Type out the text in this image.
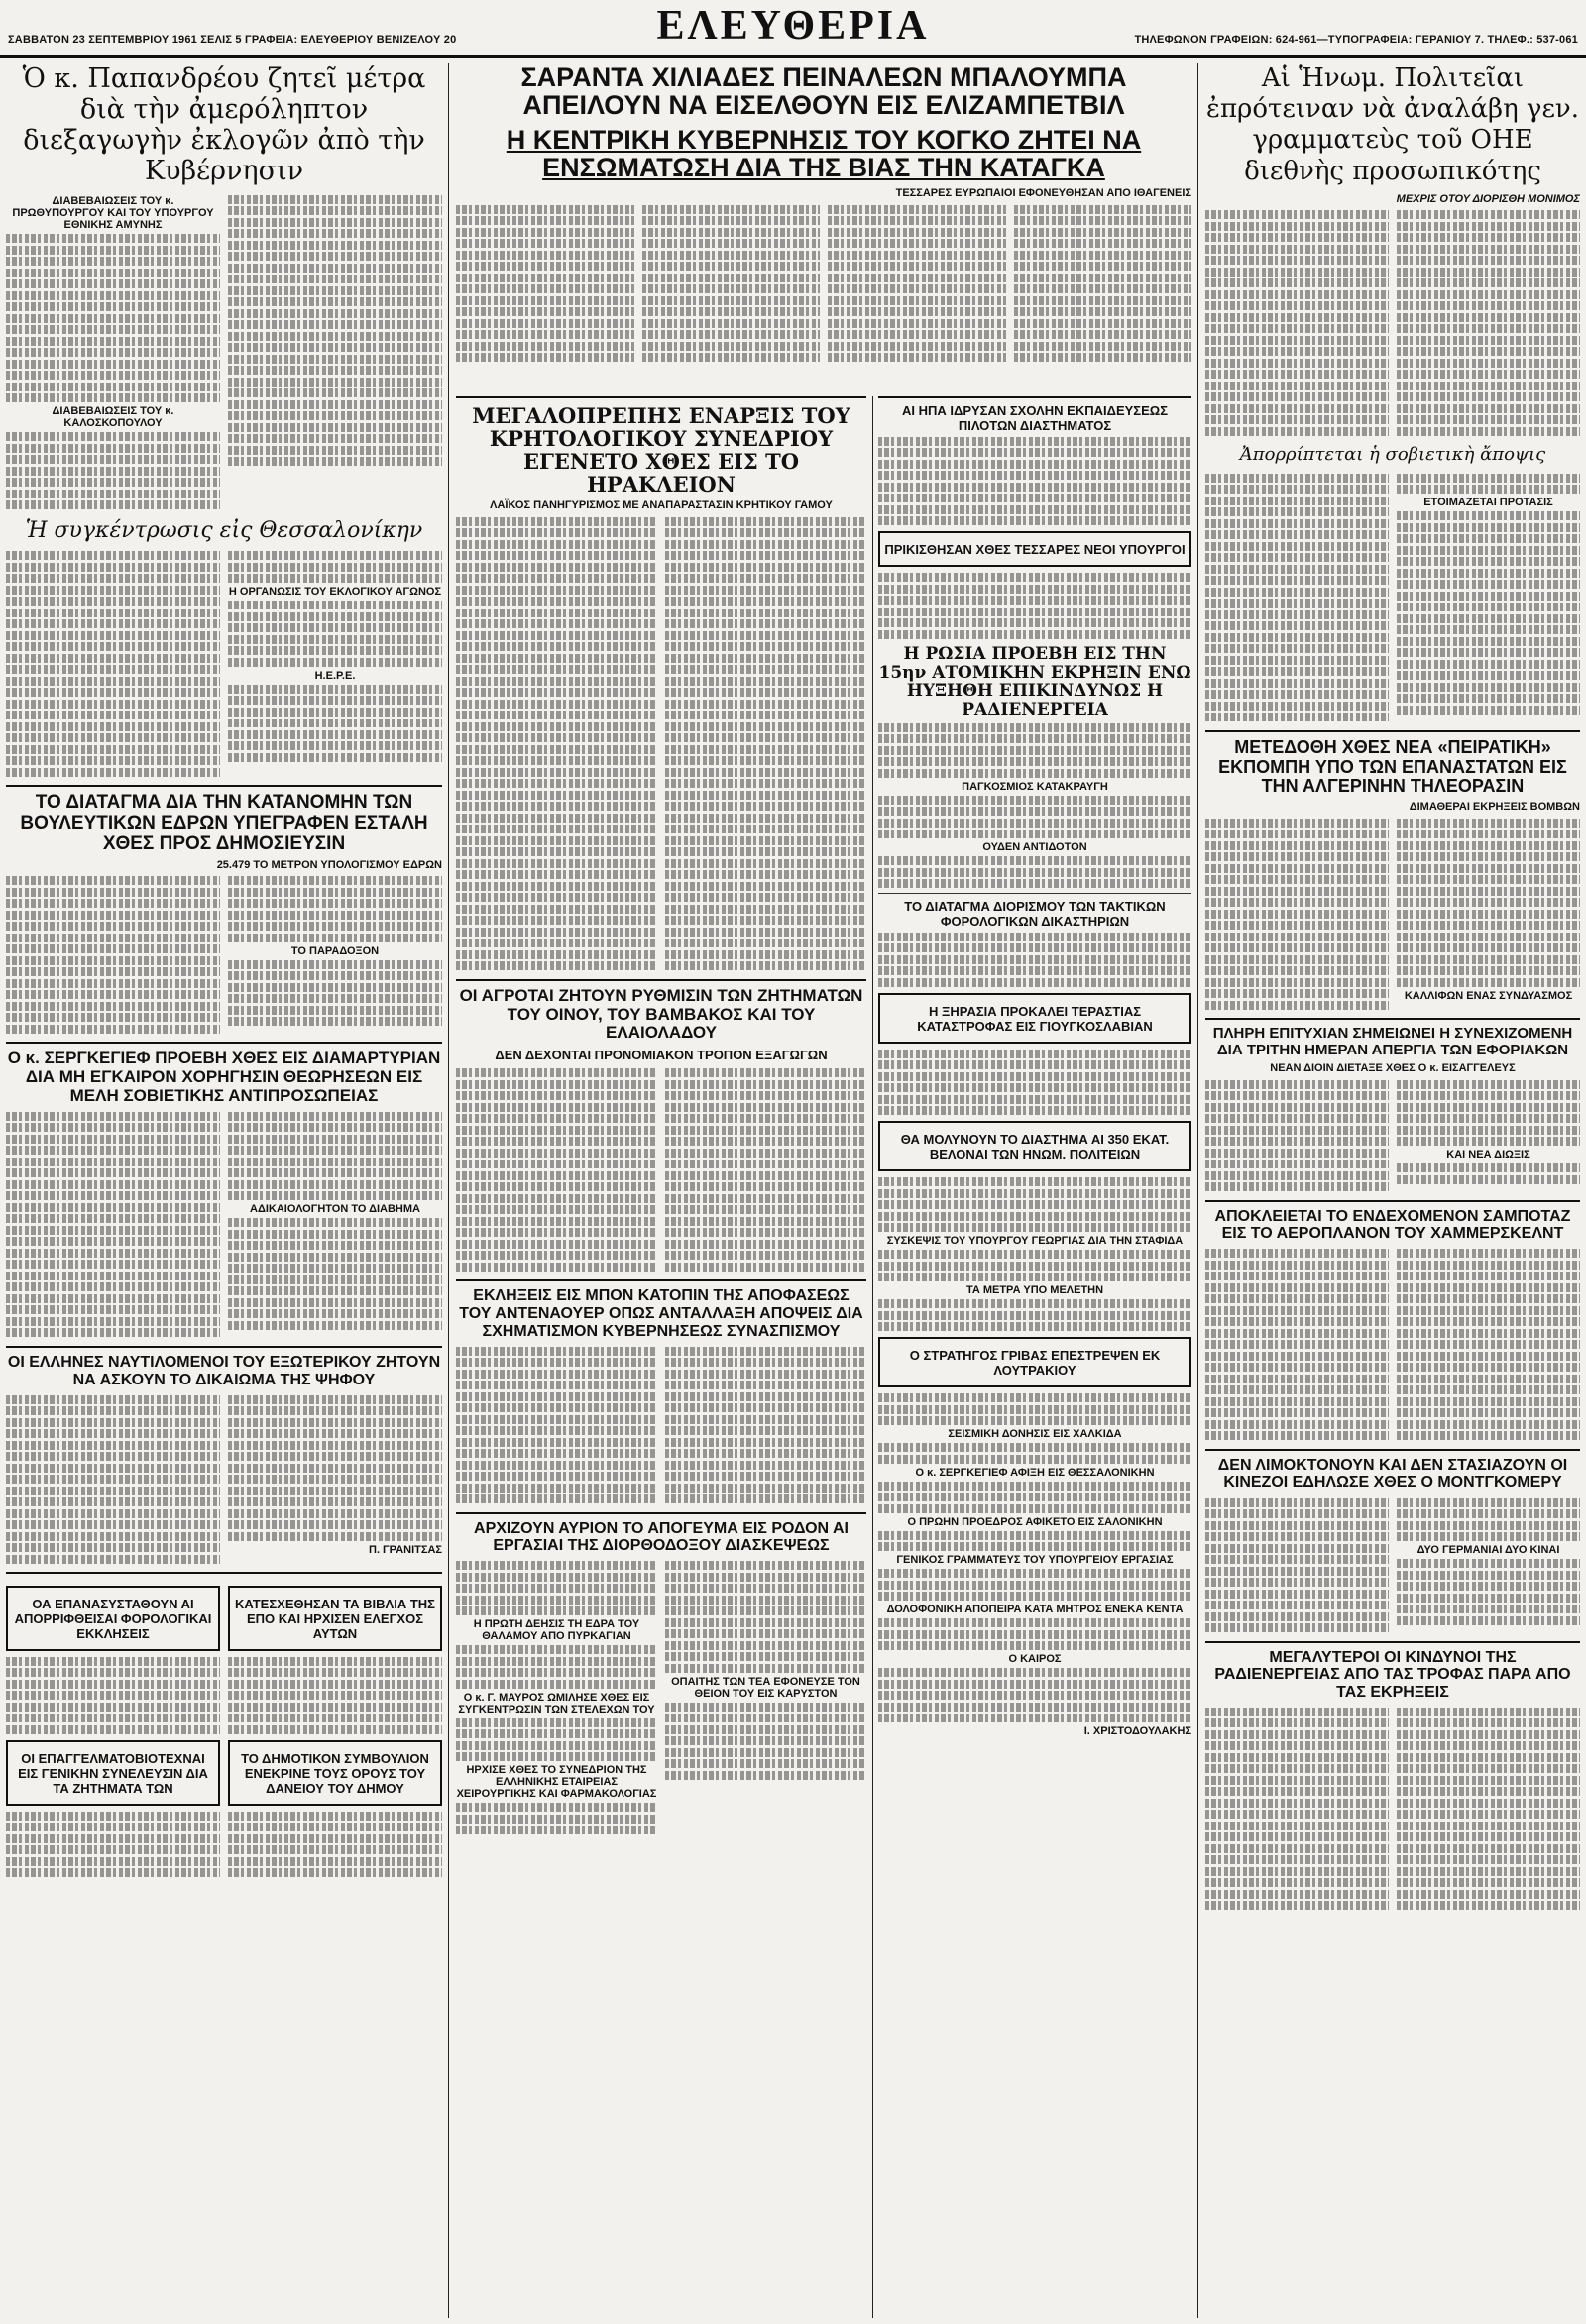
ΣΑΒΒΑΤΟΝ 23 ΣΕΠΤΕΜΒΡΙΟΥ 1961 ΣΕΛΙΣ 5 ΓΡΑΦΕΙΑ: ΕΛΕΥΘΕΡΙΟΥ ΒΕΝΙΖΕΛΟΥ 20	ΕΛΕΥΘΕΡΙΑ	ΤΗΛΕΦΩΝΟΝ ΓΡΑΦΕΙΩΝ: 624-961—ΤΥΠΟΓΡΑΦΕΙΑ: ΓΕΡΑΝΙΟΥ 7. ΤΗΛΕΦ.: 537-061
Ὁ κ. Παπανδρέου ζητεῖ μέτρα διὰ τὴν ἀμερόληπτον διεξαγωγὴν ἐκλογῶν ἀπὸ τὴν Κυβέρνησιν
ΔΙΑΒΕΒΑΙΩΣΕΙΣ ΤΟΥ κ. ΠΡΩΘΥΠΟΥΡΓΟΥ ΚΑΙ ΤΟΥ ΥΠΟΥΡΓΟΥ ΕΘΝΙΚΗΣ ΑΜΥΝΗΣ
ΔΙΑΒΕΒΑΙΩΣΕΙΣ ΤΟΥ κ. ΚΑΛΟΣΚΟΠΟΥΛΟΥ
Ἡ συγκέντρωσις εἰς Θεσσαλονίκην
Η ΟΡΓΑΝΩΣΙΣ ΤΟΥ ΕΚΛΟΓΙΚΟΥ ΑΓΩΝΟΣ
Η.Ε.Ρ.Ε.
ΤΟ ΔΙΑΤΑΓΜΑ ΔΙΑ ΤΗΝ ΚΑΤΑΝΟΜΗΝ ΤΩΝ ΒΟΥΛΕΥΤΙΚΩΝ ΕΔΡΩΝ ΥΠΕΓΡΑΦΕΝ ΕΣΤΑΛΗ ΧΘΕΣ ΠΡΟΣ ΔΗΜΟΣΙΕΥΣΙΝ
25.479 ΤΟ ΜΕΤΡΟΝ ΥΠΟΛΟΓΙΣΜΟΥ ΕΔΡΩΝ
ΤΟ ΠΑΡΑΔΟΞΟΝ
Ο κ. ΣΕΡΓΚΕΓΙΕΦ ΠΡΟΕΒΗ ΧΘΕΣ ΕΙΣ ΔΙΑΜΑΡΤΥΡΙΑΝ ΔΙΑ ΜΗ ΕΓΚΑΙΡΟΝ ΧΟΡΗΓΗΣΙΝ ΘΕΩΡΗΣΕΩΝ ΕΙΣ ΜΕΛΗ ΣΟΒΙΕΤΙΚΗΣ ΑΝΤΙΠΡΟΣΩΠΕΙΑΣ
ΑΔΙΚΑΙΟΛΟΓΗΤΟΝ ΤΟ ΔΙΑΒΗΜΑ
ΟΙ ΕΛΛΗΝΕΣ ΝΑΥΤΙΛΟΜΕΝΟΙ ΤΟΥ ΕΞΩΤΕΡΙΚΟΥ ΖΗΤΟΥΝ ΝΑ ΑΣΚΟΥΝ ΤΟ ΔΙΚΑΙΩΜΑ ΤΗΣ ΨΗΦΟΥ
Π. ΓΡΑΝΙΤΣΑΣ
ΟΑ ΕΠΑΝΑΣΥΣΤΑΘΟΥΝ ΑΙ ΑΠΟΡΡΙΦΘΕΙΣΑΙ ΦΟΡΟΛΟΓΙΚΑΙ ΕΚΚΛΗΣΕΙΣ
ΟΙ ΕΠΑΓΓΕΛΜΑΤΟΒΙΟΤΕΧΝΑΙ ΕΙΣ ΓΕΝΙΚΗΝ ΣΥΝΕΛΕΥΣΙΝ ΔΙΑ ΤΑ ΖΗΤΗΜΑΤΑ ΤΩΝ
ΚΑΤΕΣΧΕΘΗΣΑΝ ΤΑ ΒΙΒΛΙΑ ΤΗΣ ΕΠΟ ΚΑΙ ΗΡΧΙΣΕΝ ΕΛΕΓΧΟΣ ΑΥΤΩΝ
ΤΟ ΔΗΜΟΤΙΚΟΝ ΣΥΜΒΟΥΛΙΟΝ ΕΝΕΚΡΙΝΕ ΤΟΥΣ ΟΡΟΥΣ ΤΟΥ ΔΑΝΕΙΟΥ ΤΟΥ ΔΗΜΟΥ
ΣΑΡΑΝΤΑ ΧΙΛΙΑΔΕΣ ΠΕΙΝΑΛΕΩΝ ΜΠΑΛΟΥΜΠΑ ΑΠΕΙΛΟΥΝ ΝΑ ΕΙΣΕΛΘΟΥΝ ΕΙΣ ΕΛΙΖΑΜΠΕΤΒΙΛ
Η ΚΕΝΤΡΙΚΗ ΚΥΒΕΡΝΗΣΙΣ ΤΟΥ ΚΟΓΚΟ ΖΗΤΕΙ ΝΑ ΕΝΣΩΜΑΤΩΣΗ ΔΙΑ ΤΗΣ ΒΙΑΣ ΤΗΝ ΚΑΤΑΓΚΑ
ΤΕΣΣΑΡΕΣ ΕΥΡΩΠΑΙΟΙ ΕΦΟΝΕΥΘΗΣΑΝ ΑΠΟ ΙΘΑΓΕΝΕΙΣ
ΜΕΓΑΛΟΠΡΕΠΗΣ ΕΝΑΡΞΙΣ ΤΟΥ ΚΡΗΤΟΛΟΓΙΚΟΥ ΣΥΝΕΔΡΙΟΥ ΕΓΕΝΕΤΟ ΧΘΕΣ ΕΙΣ ΤΟ ΗΡΑΚΛΕΙΟΝ
ΛΑΪΚΟΣ ΠΑΝΗΓΥΡΙΣΜΟΣ ΜΕ ΑΝΑΠΑΡΑΣΤΑΣΙΝ ΚΡΗΤΙΚΟΥ ΓΑΜΟΥ
ΟΙ ΑΓΡΟΤΑΙ ΖΗΤΟΥΝ ΡΥΘΜΙΣΙΝ ΤΩΝ ΖΗΤΗΜΑΤΩΝ ΤΟΥ ΟΙΝΟΥ, ΤΟΥ ΒΑΜΒΑΚΟΣ ΚΑΙ ΤΟΥ ΕΛΑΙΟΛΑΔΟΥ
ΔΕΝ ΔΕΧΟΝΤΑΙ ΠΡΟΝΟΜΙΑΚΟΝ ΤΡΟΠΟΝ ΕΞΑΓΩΓΩΝ
ΕΚΛΗΞΕΙΣ ΕΙΣ ΜΠΟΝ ΚΑΤΟΠΙΝ ΤΗΣ ΑΠΟΦΑΣΕΩΣ ΤΟΥ ΑΝΤΕΝΑΟΥΕΡ ΟΠΩΣ ΑΝΤΑΛΛΑΞΗ ΑΠΟΨΕΙΣ ΔΙΑ ΣΧΗΜΑΤΙΣΜΟΝ ΚΥΒΕΡΝΗΣΕΩΣ ΣΥΝΑΣΠΙΣΜΟΥ
ΑΡΧΙΖΟΥΝ ΑΥΡΙΟΝ ΤΟ ΑΠΟΓΕΥΜΑ ΕΙΣ ΡΟΔΟΝ ΑΙ ΕΡΓΑΣΙΑΙ ΤΗΣ ΔΙΟΡΘΟΔΟΞΟΥ ΔΙΑΣΚΕΨΕΩΣ
Η ΠΡΩΤΗ ΔΕΗΣΙΣ ΤΗ ΕΔΡΑ ΤΟΥ ΘΑΛΑΜΟΥ ΑΠΟ ΠΥΡΚΑΓΙΑΝ
Ο κ. Γ. ΜΑΥΡΟΣ ΩΜΙΛΗΣΕ ΧΘΕΣ ΕΙΣ ΣΥΓΚΕΝΤΡΩΣΙΝ ΤΩΝ ΣΤΕΛΕΧΩΝ ΤΟΥ
ΗΡΧΙΣΕ ΧΘΕΣ ΤΟ ΣΥΝΕΔΡΙΟΝ ΤΗΣ ΕΛΛΗΝΙΚΗΣ ΕΤΑΙΡΕΙΑΣ ΧΕΙΡΟΥΡΓΙΚΗΣ ΚΑΙ ΦΑΡΜΑΚΟΛΟΓΙΑΣ
ΟΠΑΙΤΗΣ ΤΩΝ ΤΕΑ ΕΦΟΝΕΥΣΕ ΤΟΝ ΘΕΙΟΝ ΤΟΥ ΕΙΣ ΚΑΡΥΣΤΟΝ
ΑΙ ΗΠΑ ΙΔΡΥΣΑΝ ΣΧΟΛΗΝ ΕΚΠΑΙΔΕΥΣΕΩΣ ΠΙΛΟΤΩΝ ΔΙΑΣΤΗΜΑΤΟΣ
ΠΡΙΚΙΣΘΗΣΑΝ ΧΘΕΣ ΤΕΣΣΑΡΕΣ ΝΕΟΙ ΥΠΟΥΡΓΟΙ
Η ΡΩΣΙΑ ΠΡΟΕΒΗ ΕΙΣ ΤΗΝ 15ην ΑΤΟΜΙΚΗΝ ΕΚΡΗΞΙΝ ΕΝΩ ΗΥΞΗΘΗ ΕΠΙΚΙΝΔΥΝΩΣ Η ΡΑΔΙΕΝΕΡΓΕΙΑ
ΠΑΓΚΟΣΜΙΟΣ ΚΑΤΑΚΡΑΥΓΗ
ΟΥΔΕΝ ΑΝΤΙΔΟΤΟΝ
ΤΟ ΔΙΑΤΑΓΜΑ ΔΙΟΡΙΣΜΟΥ ΤΩΝ ΤΑΚΤΙΚΩΝ ΦΟΡΟΛΟΓΙΚΩΝ ΔΙΚΑΣΤΗΡΙΩΝ
Η ΞΗΡΑΣΙΑ ΠΡΟΚΑΛΕΙ ΤΕΡΑΣΤΙΑΣ ΚΑΤΑΣΤΡΟΦΑΣ ΕΙΣ ΓΙΟΥΓΚΟΣΛΑΒΙΑΝ
ΘΑ ΜΟΛΥΝΟΥΝ ΤΟ ΔΙΑΣΤΗΜΑ ΑΙ 350 ΕΚΑΤ. ΒΕΛΟΝΑΙ ΤΩΝ ΗΝΩΜ. ΠΟΛΙΤΕΙΩΝ
ΣΥΣΚΕΨΙΣ ΤΟΥ ΥΠΟΥΡΓΟΥ ΓΕΩΡΓΙΑΣ ΔΙΑ ΤΗΝ ΣΤΑΦΙΔΑ
ΤΑ ΜΕΤΡΑ ΥΠΟ ΜΕΛΕΤΗΝ
Ο ΣΤΡΑΤΗΓΟΣ ΓΡΙΒΑΣ ΕΠΕΣΤΡΕΨΕΝ ΕΚ ΛΟΥΤΡΑΚΙΟΥ
ΣΕΙΣΜΙΚΗ ΔΟΝΗΣΙΣ ΕΙΣ ΧΑΛΚΙΔΑ
Ο κ. ΣΕΡΓΚΕΓΙΕΦ ΑΦΙΞΗ ΕΙΣ ΘΕΣΣΑΛΟΝΙΚΗΝ
Ο ΠΡΩΗΝ ΠΡΟΕΔΡΟΣ ΑΦΙΚΕΤΟ ΕΙΣ ΣΑΛΟΝΙΚΗΝ
ΓΕΝΙΚΟΣ ΓΡΑΜΜΑΤΕΥΣ ΤΟΥ ΥΠΟΥΡΓΕΙΟΥ ΕΡΓΑΣΙΑΣ
ΔΟΛΟΦΟΝΙΚΗ ΑΠΟΠΕΙΡΑ ΚΑΤΑ ΜΗΤΡΟΣ ΕΝΕΚΑ ΚΕΝΤΑ
Ο ΚΑΙΡΟΣ
Ι. ΧΡΙΣΤΟΔΟΥΛΑΚΗΣ
Αἱ Ἡνωμ. Πολιτεῖαι ἐπρότειναν νὰ ἀναλάβη γεν. γραμματεὺς τοῦ ΟΗΕ διεθνὴς προσωπικότης
ΜΕΧΡΙΣ ΟΤΟΥ ΔΙΟΡΙΣΘΗ ΜΟΝΙΜΟΣ
Ἀπορρίπτεται ἡ σοβιετικὴ ἄποψις
ΕΤΟΙΜΑΖΕΤΑΙ ΠΡΟΤΑΣΙΣ
ΜΕΤΕΔΟΘΗ ΧΘΕΣ ΝΕΑ «ΠΕΙΡΑΤΙΚΗ» ΕΚΠΟΜΠΗ ΥΠΟ ΤΩΝ ΕΠΑΝΑΣΤΑΤΩΝ ΕΙΣ ΤΗΝ ΑΛΓΕΡΙΝΗΝ ΤΗΛΕΟΡΑΣΙΝ
ΔΙΜΑΘΕΡΑΙ ΕΚΡΗΞΕΙΣ ΒΟΜΒΩΝ
ΚΑΛΛΙΦΩΝ ΕΝΑΣ ΣΥΝΔΥΑΣΜΟΣ
ΠΛΗΡΗ ΕΠΙΤΥΧΙΑΝ ΣΗΜΕΙΩΝΕΙ Η ΣΥΝΕΧΙΖΟΜΕΝΗ ΔΙΑ ΤΡΙΤΗΝ ΗΜΕΡΑΝ ΑΠΕΡΓΙΑ ΤΩΝ ΕΦΟΡΙΑΚΩΝ
ΝΕΑΝ ΔΙΟΙΝ ΔΙΕΤΑΞΕ ΧΘΕΣ Ο κ. ΕΙΣΑΓΓΕΛΕΥΣ
ΚΑΙ ΝΕΑ ΔΙΩΞΙΣ
ΑΠΟΚΛΕΙΕΤΑΙ ΤΟ ΕΝΔΕΧΟΜΕΝΟΝ ΣΑΜΠΟΤΑΖ ΕΙΣ ΤΟ ΑΕΡΟΠΛΑΝΟΝ ΤΟΥ ΧΑΜΜΕΡΣΚΕΛΝΤ
ΔΕΝ ΛΙΜΟΚΤΟΝΟΥΝ ΚΑΙ ΔΕΝ ΣΤΑΣΙΑΖΟΥΝ ΟΙ ΚΙΝΕΖΟΙ ΕΔΗΛΩΣΕ ΧΘΕΣ Ο ΜΟΝΤΓΚΟΜΕΡΥ
ΔΥΟ ΓΕΡΜΑΝΙΑΙ ΔΥΟ ΚΙΝΑΙ
ΜΕΓΑΛΥΤΕΡΟΙ ΟΙ ΚΙΝΔΥΝΟΙ ΤΗΣ ΡΑΔΙΕΝΕΡΓΕΙΑΣ ΑΠΟ ΤΑΣ ΤΡΟΦΑΣ ΠΑΡΑ ΑΠΟ ΤΑΣ ΕΚΡΗΞΕΙΣ
